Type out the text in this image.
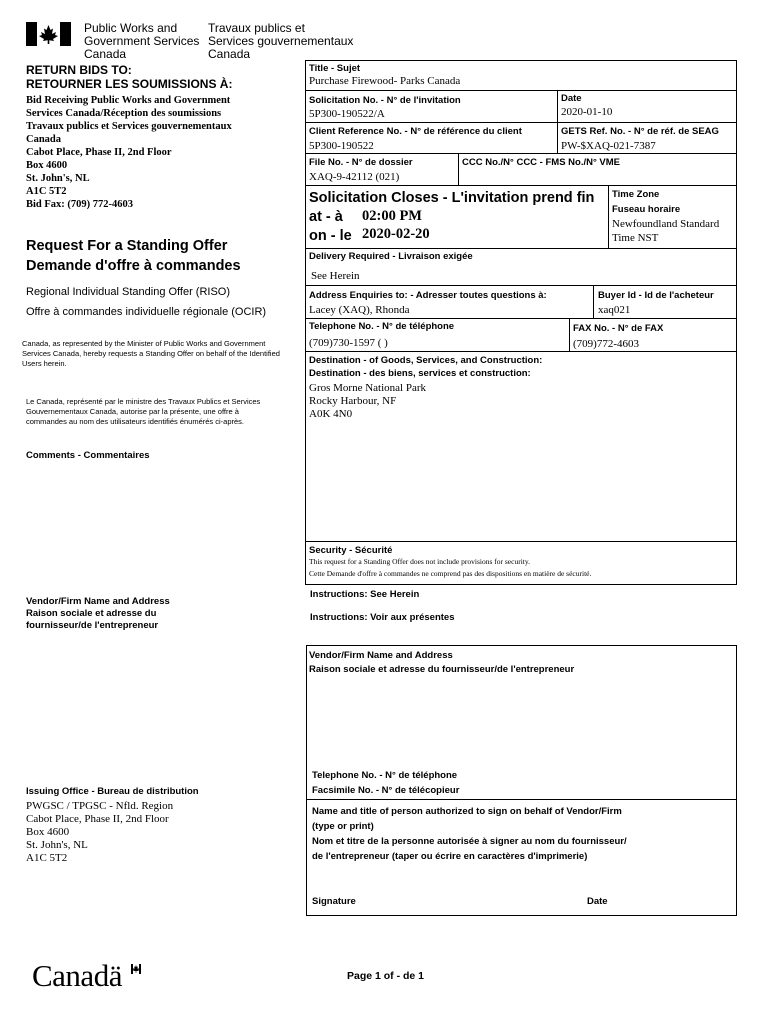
Public Works and
Government Services
Canada
Travaux publics et
Services gouvernementaux
Canada
RETURN BIDS TO:
RETOURNER LES SOUMISSIONS À:
Bid Receiving Public Works and Government
Services Canada/Réception des soumissions
Travaux publics et Services gouvernementaux
Canada
Cabot Place, Phase II, 2nd Floor
Box 4600
St. John's, NL
A1C 5T2
Bid Fax: (709) 772-4603
Request For a Standing Offer
Demande d'offre à commandes
Regional Individual Standing Offer (RISO)
Offre à commandes individuelle régionale (OCIR)
Canada, as represented by the Minister of Public Works and Government Services Canada, hereby requests a Standing Offer on behalf of the Identified Users herein.
Le Canada, représenté par le ministre des Travaux Publics et Services Gouvernementaux Canada, autorise par la présente, une offre à commandes au nom des utilisateurs identifiés énumérés ci-après.
Comments - Commentaires
Vendor/Firm Name and Address
Raison sociale et adresse du
fournisseur/de l'entrepreneur
Issuing Office - Bureau de distribution
PWGSC / TPGSC - Nfld. Region
Cabot Place, Phase II, 2nd Floor
Box 4600
St. John's, NL
A1C 5T2
Title - Sujet
Purchase Firewood- Parks Canada
Solicitation No. - N° de l'invitation
5P300-190522/A
Date
2020-01-10
Client Reference No. - N° de référence du client
5P300-190522
GETS Ref. No. - N° de réf. de SEAG
PW-$XAQ-021-7387
File No. - N° de dossier
XAQ-9-42112 (021)
CCC No./N° CCC - FMS No./N° VME
Solicitation Closes - L'invitation prend fin
at - à 02:00 PM
on - le 2020-02-20
Time Zone
Fuseau horaire
Newfoundland Standard
Time NST
Delivery Required - Livraison exigée
See Herein
Address Enquiries to: - Adresser toutes questions à:
Lacey (XAQ), Rhonda
Buyer Id - Id de l'acheteur
xaq021
Telephone No. - N° de téléphone
(709)730-1597 ( )
FAX No. - N° de FAX
(709)772-4603
Destination - of Goods, Services, and Construction:
Destination - des biens, services et construction:
Gros Morne National Park
Rocky Harbour, NF
A0K 4N0
Security - Sécurité
This request for a Standing Offer does not include provisions for security.
Cette Demande d'offre à commandes ne comprend pas des dispositions en matière de sécurité.
Instructions: See Herein
Instructions: Voir aux présentes
Vendor/Firm Name and Address
Raison sociale et adresse du fournisseur/de l'entrepreneur
Telephone No. - N° de téléphone
Facsimile No. - N° de télécopieur
Name and title of person authorized to sign on behalf of Vendor/Firm
(type or print)
Nom et titre de la personne autorisée à signer au nom du fournisseur/
de l'entrepreneur (taper ou écrire en caractères d'imprimerie)
Signature	Date
Canadä	Page 1 of - de 1
